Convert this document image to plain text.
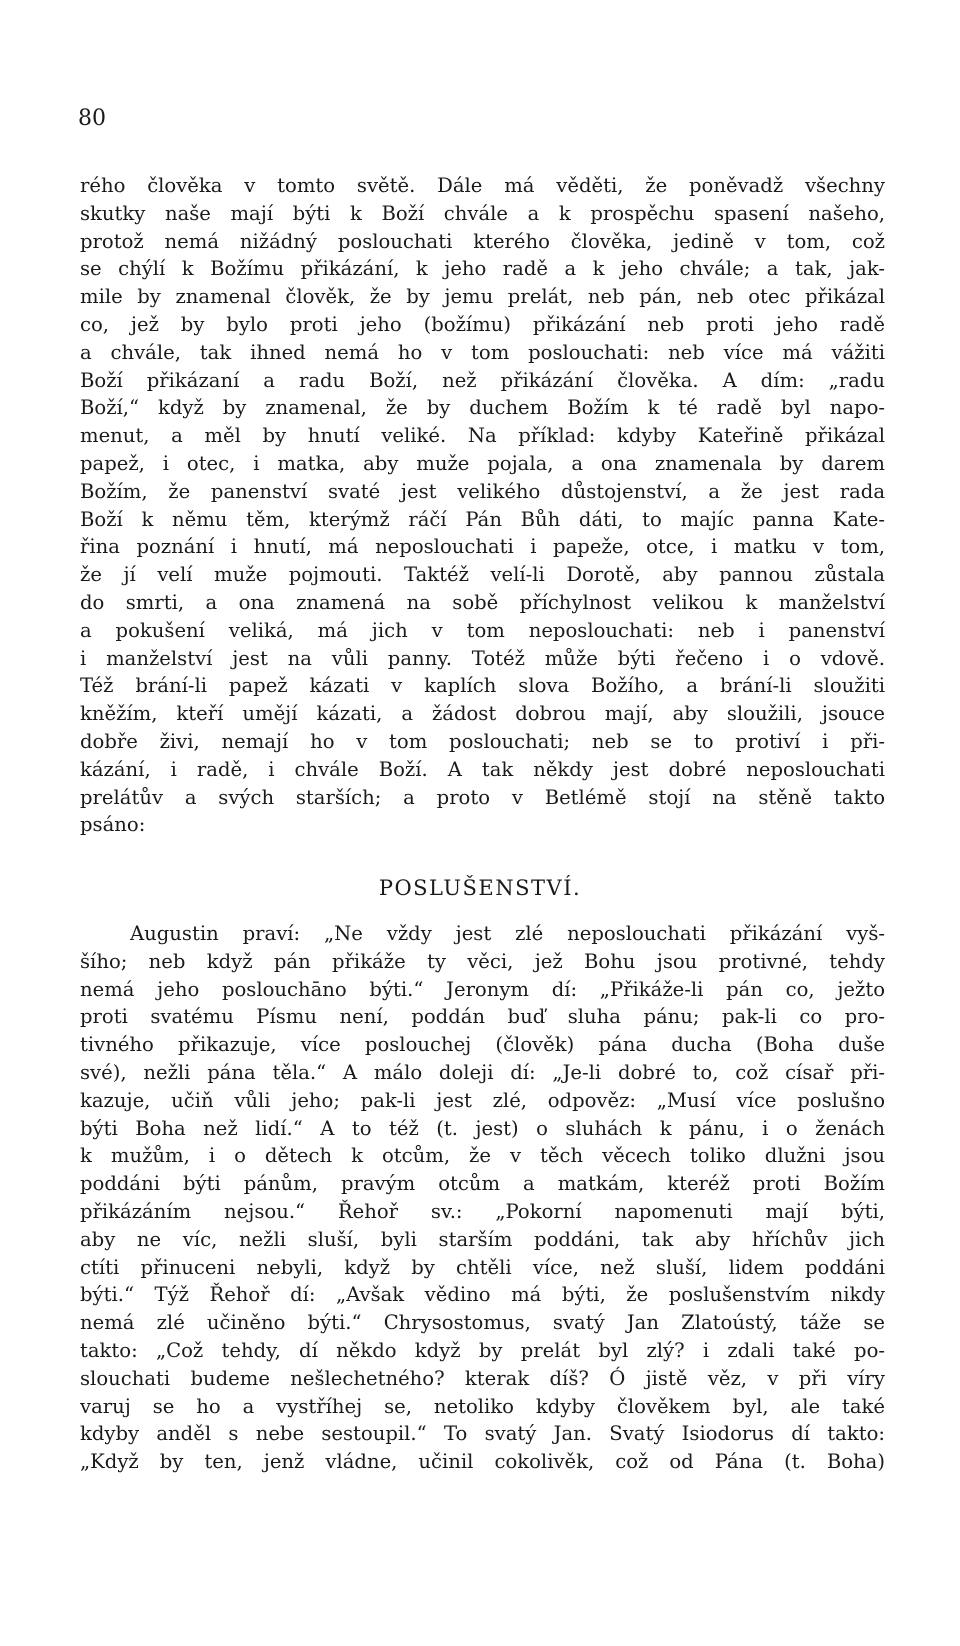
80
rého člověka v tomto světě. Dále má věděti, že poněvadž všechny
skutky naše mají býti k Boží chvále a k prospěchu spasení našeho,
protož nemá nižádný poslouchati kterého člověka, jedině v tom, což
se chýlí k Božímu přikázání, k jeho radě a k jeho chvále; a tak, jak-
mile by znamenal člověk, že by jemu prelát, neb pán, neb otec přikázal
co, jež by bylo proti jeho (božímu) přikázání neb proti jeho radě
a chvále, tak ihned nemá ho v tom poslouchati: neb více má vážiti
Boží přikázaní a radu Boží, než přikázání člověka. A dím: „radu
Boží,“ když by znamenal, že by duchem Božím k té radě byl napo-
menut, a měl by hnutí veliké. Na příklad: kdyby Kateřině přikázal
papež, i otec, i matka, aby muže pojala, a ona znamenala by darem
Božím, že panenství svaté jest velikého důstojenství, a že jest rada
Boží k němu těm, kterýmž ráčí Pán Bůh dáti, to majíc panna Kate-
řina poznání i hnutí, má neposlouchati i papeže, otce, i matku v tom,
že jí velí muže pojmouti. Taktéž velí-li Dorotě, aby pannou zůstala
do smrti, a ona znamená na sobě příchylnost velikou k manželství
a pokušení veliká, má jich v tom neposlouchati: neb i panenství
i manželství jest na vůli panny. Totéž může býti řečeno i o vdově.
Též brání-li papež kázati v kaplích slova Božího, a brání-li sloužiti
kněžím, kteří umějí kázati, a žádost dobrou mají, aby sloužili, jsouce
dobře živi, nemají ho v tom poslouchati; neb se to protiví i při-
kázání, i radě, i chvále Boží. A tak někdy jest dobré neposlouchati
prelátův a svých starších; a proto v Betlémě stojí na stěně takto
psáno:
POSLUŠENSTVÍ.
Augustin praví: „Ne vždy jest zlé neposlouchati přikázání vyš-
šího; neb když pán přikáže ty věci, jež Bohu jsou protivné, tehdy
nemá jeho poslouchāno býti.“ Jeronym dí: „Přikáže-li pán co, ježto
proti svatému Písmu není, poddán buď sluha pánu; pak-li co pro-
tivného přikazuje, více posloucheј (člověk) pána ducha (Boha duše
své), nežli pána těla.“ A málo doleji dí: „Je-li dobré to, což císař při-
kazuje, učiň vůli jeho; pak-li jest zlé, odpověz: „Musí více poslušno
býti Boha než lidí.“ A to též (t. jest) o sluhách k pánu, i o ženách
k mužům, i o dětech k otcům, že v těch věcech toliko dlužni jsou
poddáni býti pánům, pravým otcům a matkám, kteréž proti Božím
přikázáním nejsou.“ Řehoř sv.: „Pokorní napomenuti mají býti,
aby ne víc, nežli sluší, byli starším poddáni, tak aby hříchův jich
ctíti přinuceni nebyli, když by chtěli více, než sluší, lidem poddáni
býti.“ Týž Řehoř dí: „Avšak vědino má býti, že poslušenstvím nikdy
nemá zlé učiněno býti.“ Chrysostomus, svatý Jan Zlatoústý, táže se
takto: „Což tehdy, dí někdo když by prelát byl zlý? i zdali také po-
slouchati budeme nešlechetného? kterak díš? Ó jistě věz, v při víry
varuj se ho a vystříhej se, netoliko kdyby člověkem byl, ale také
kdyby anděl s nebe sestoupil.“ To svatý Jan. Svatý Isiodorus dí takto:
„Když by ten, jenž vládne, učinil cokolivěk, což od Pána (t. Boha)
